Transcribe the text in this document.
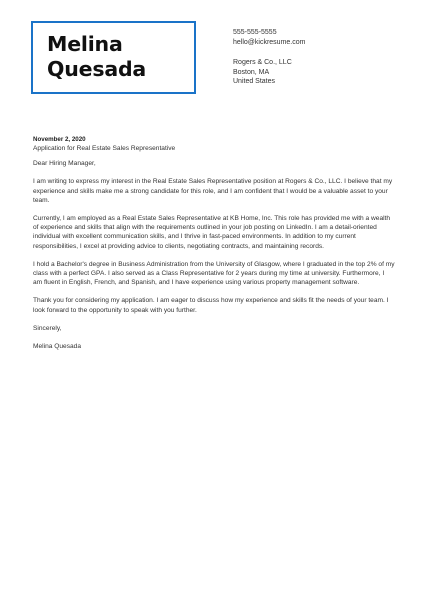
Melina
Quesada
555-555-5555
hello@kickresume.com
Rogers & Co., LLC
Boston, MA
United States
November 2, 2020
Application for Real Estate Sales Representative
Dear Hiring Manager,

I am writing to express my interest in the Real Estate Sales Representative position at Rogers & Co., LLC. I believe that my experience and skills make me a strong candidate for this role, and I am confident that I would be a valuable asset to your team.

Currently, I am employed as a Real Estate Sales Representative at KB Home, Inc. This role has provided me with a wealth of experience and skills that align with the requirements outlined in your job posting on LinkedIn. I am a detail-oriented individual with excellent communication skills, and I thrive in fast-paced environments. In addition to my current responsibilities, I excel at providing advice to clients, negotiating contracts, and maintaining records.

I hold a Bachelor's degree in Business Administration from the University of Glasgow, where I graduated in the top 2% of my class with a perfect GPA. I also served as a Class Representative for 2 years during my time at university. Furthermore, I am fluent in English, French, and Spanish, and I have experience using various property management software.

Thank you for considering my application. I am eager to discuss how my experience and skills fit the needs of your team. I look forward to the opportunity to speak with you further.

Sincerely,
Melina Quesada
